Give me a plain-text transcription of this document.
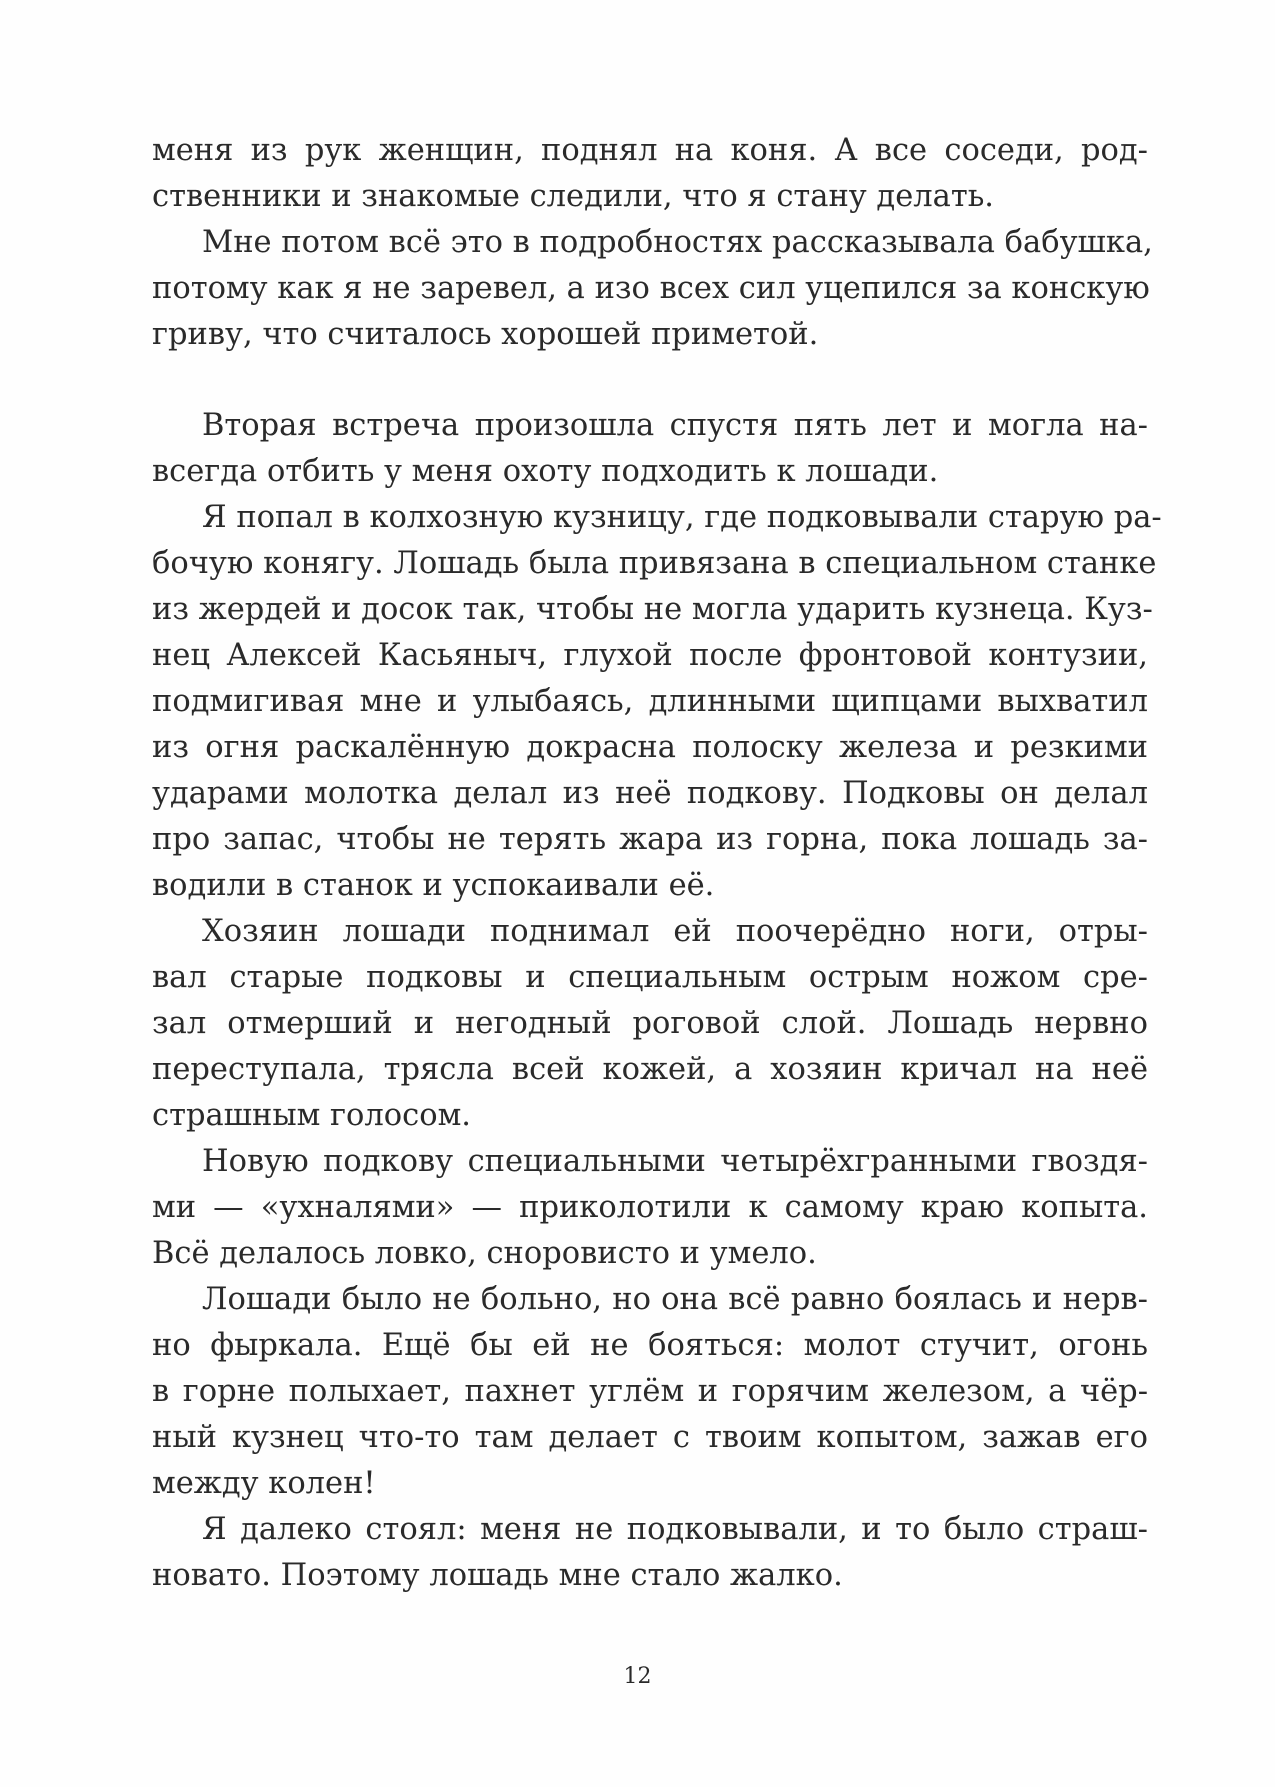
меня из рук женщин, поднял на коня. А все соседи, род-
ственники и знакомые следили, что я стану делать.
Мне потом всё это в подробностях рассказывала бабушка,
потому как я не заревел, а изо всех сил уцепился за конскую
гриву, что считалось хорошей приметой.
Вторая встреча произошла спустя пять лет и могла на-
всегда отбить у меня охоту подходить к лошади.
Я попал в колхозную кузницу, где подковывали старую ра-
бочую конягу. Лошадь была привязана в специальном станке
из жердей и досок так, чтобы не могла ударить кузнеца. Куз-
нец Алексей Касьяныч, глухой после фронтовой контузии,
подмигивая мне и улыбаясь, длинными щипцами выхватил
из огня раскалённую докрасна полоску железа и резкими
ударами молотка делал из неё подкову. Подковы он делал
про запас, чтобы не терять жара из горна, пока лошадь за-
водили в станок и успокаивали её.
Хозяин лошади поднимал ей поочерёдно ноги, отры-
вал старые подковы и специальным острым ножом сре-
зал отмерший и негодный роговой слой. Лошадь нервно
переступала, трясла всей кожей, а хозяин кричал на неё
страшным голосом.
Новую подкову специальными четырёхгранными гвоздя-
ми — «ухналями» — приколотили к самому краю копыта.
Всё делалось ловко, сноровисто и умело.
Лошади было не больно, но она всё равно боялась и нерв-
но фыркала. Ещё бы ей не бояться: молот стучит, огонь
в горне полыхает, пахнет углём и горячим железом, а чёр-
ный кузнец что-то там делает с твоим копытом, зажав его
между колен!
Я далеко стоял: меня не подковывали, и то было страш-
новато. Поэтому лошадь мне стало жалко.
12
